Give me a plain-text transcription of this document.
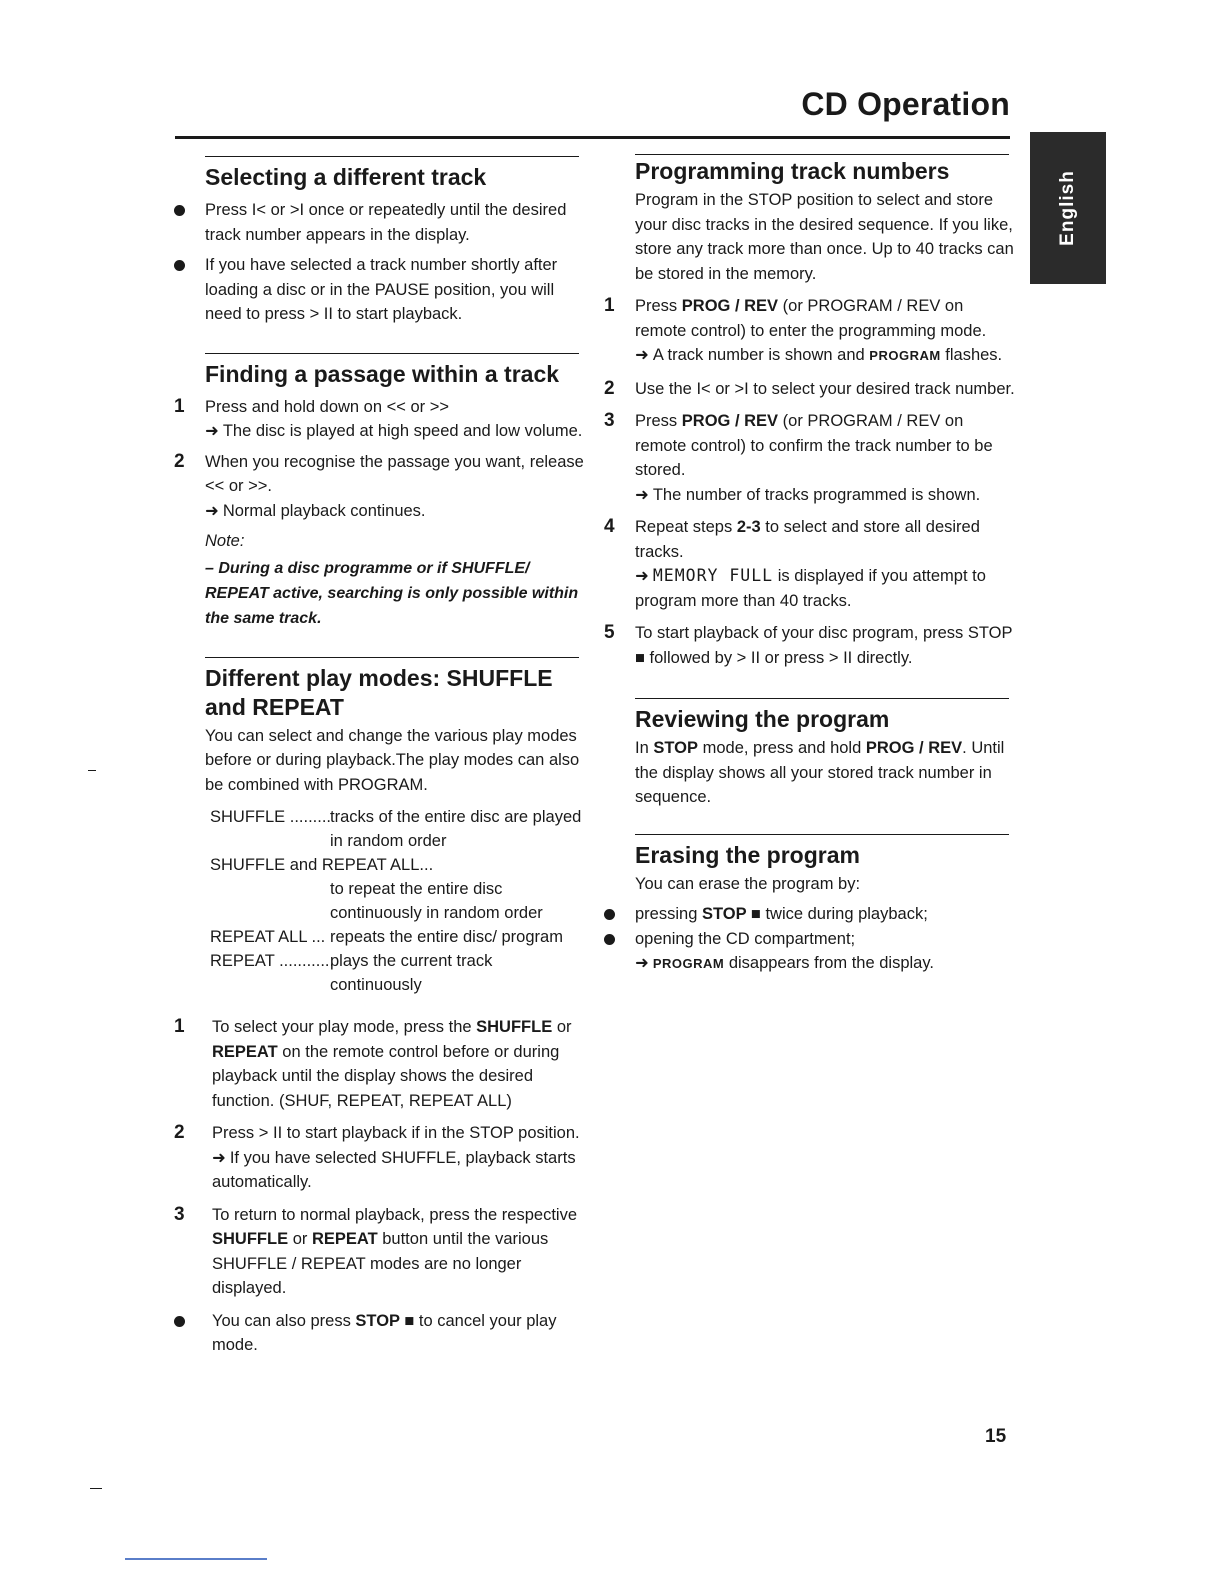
CD Operation
English
Selecting a different track
Press I< or >I once or repeatedly until the desired track number appears in the display.
If you have selected a track number shortly after loading a disc or in the PAUSE position, you will need to press > II to start playback.
Finding a passage within a track
1 Press and hold down on << or >>
➜ The disc is played at high speed and low volume.
2 When you recognise the passage you want, release << or >>.
➜ Normal playback continues.

Note:

– During a disc programme or if SHUFFLE/ REPEAT active, searching is only possible within the same track.

Different play modes: SHUFFLE
and REPEAT

You can select and change the various play modes before or during playback.The play modes can also be combined with PROGRAM.

SHUFFLE .........
tracks of the entire disc are played in random order
SHUFFLE and REPEAT ALL...
to repeat the entire disc continuously in random order
REPEAT ALL ... repeats the entire disc/ program
REPEAT ............
plays the current track continuously
1 To select your play mode, press the SHUFFLE or REPEAT on the remote control before or during playback until the display shows the desired function. (SHUF, REPEAT, REPEAT ALL)
2 Press > II to start playback if in the STOP position.
➜ If you have selected SHUFFLE, playback starts automatically.
3 To return to normal playback, press the respective SHUFFLE or REPEAT button until the various SHUFFLE / REPEAT modes are no longer displayed.
You can also press STOP ■ to cancel your play mode.
Programming track numbers

Program in the STOP position to select and store your disc tracks in the desired sequence. If you like, store any track more than once. Up to 40 tracks can be stored in the memory.

1 Press PROG / REV (or PROGRAM / REV on remote control) to enter the programming mode.
➜ A track number is shown and PROGRAM flashes.
2 Use the I< or >I to select your desired track number.
3 Press PROG / REV (or PROGRAM / REV on remote control) to confirm the track number to be stored.
➜ The number of tracks programmed is shown.
4 Repeat steps 2-3 to select and store all desired tracks.
➜ MEMORY FULL is displayed if you attempt to program more than 40 tracks.
5 To start playback of your disc program, press STOP ■ followed by > II or press > II directly.
Reviewing the program

In STOP mode, press and hold PROG / REV. Until the display shows all your stored track number in sequence.

Erasing the program

You can erase the program by:

pressing STOP ■ twice during playback;
opening the CD compartment;
➜ PROGRAM disappears from the display.
15
